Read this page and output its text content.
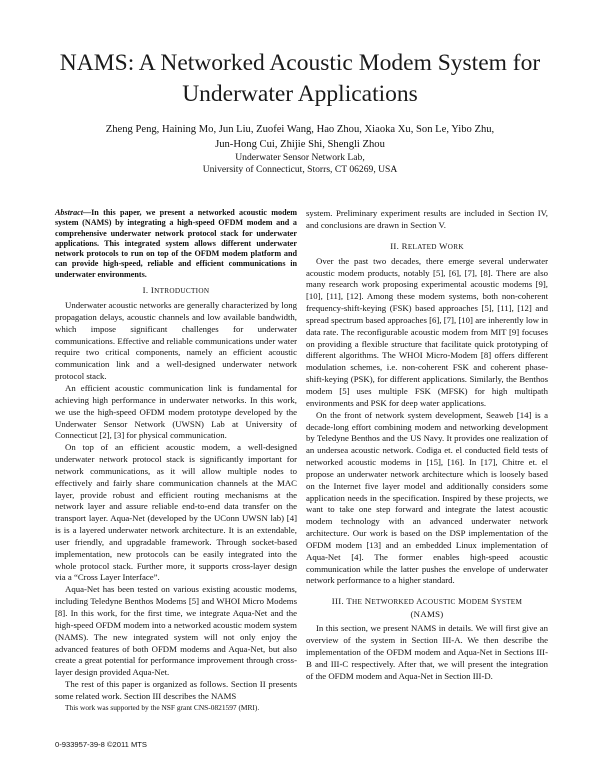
NAMS: A Networked Acoustic Modem System for Underwater Applications
Zheng Peng, Haining Mo, Jun Liu, Zuofei Wang, Hao Zhou, Xiaoka Xu, Son Le, Yibo Zhu,
Jun-Hong Cui, Zhijie Shi, Shengli Zhou
Underwater Sensor Network Lab,
University of Connecticut, Storrs, CT 06269, USA

Abstract—In this paper, we present a networked acoustic modem system (NAMS) by integrating a high-speed OFDM modem and a comprehensive underwater network protocol stack for underwater applications. This integrated system allows different underwater network protocols to run on top of the OFDM modem platform and can provide high-speed, reliable and efficient communications in underwater environments.

I. INTRODUCTION

Underwater acoustic networks are generally characterized by long propagation delays, acoustic channels and low available bandwidth, which impose significant challenges for underwater communications. Effective and reliable communications under water require two critical components, namely an efficient acoustic communication link and a well-designed underwater network protocol stack.

An efficient acoustic communication link is fundamental for achieving high performance in underwater networks. In this work, we use the high-speed OFDM modem prototype developed by the Underwater Sensor Network (UWSN) Lab at University of Connecticut [2], [3] for physical communication.

On top of an efficient acoustic modem, a well-designed underwater network protocol stack is significantly important for network communications, as it will allow multiple nodes to effectively and fairly share communication channels at the MAC layer, provide robust and efficient routing mechanisms at the network layer and assure reliable end-to-end data transfer on the transport layer. Aqua-Net (developed by the UConn UWSN lab) [4] is is a layered underwater network architecture. It is an extendable, user friendly, and upgradable framework. Through socket-based implementation, new protocols can be easily integrated into the whole protocol stack. Further more, it supports cross-layer design via a “Cross Layer Interface”.

Aqua-Net has been tested on various existing acoustic modems, including Teledyne Benthos Modems [5] and WHOI Micro Modems [8]. In this work, for the first time, we integrate Aqua-Net and the high-speed OFDM modem into a networked acoustic modem system (NAMS). The new integrated system will not only enjoy the advanced features of both OFDM modems and Aqua-Net, but also create a great potential for performance improvement through cross-layer design provided Aqua-Net.

The rest of this paper is organized as follows. Section II presents some related work. Section III describes the NAMS

This work was supported by the NSF grant CNS-0821597 (MRI).

system. Preliminary experiment results are included in Section IV, and conclusions are drawn in Section V.

II. RELATED WORK

Over the past two decades, there emerge several underwater acoustic modem products, notably [5], [6], [7], [8]. There are also many research work proposing experimental acoustic modems [9], [10], [11], [12]. Among these modem systems, both non-coherent frequency-shift-keying (FSK) based approaches [5], [11], [12] and spread spectrum based approaches [6], [7], [10] are inherently low in data rate. The reconfigurable acoustic modem from MIT [9] focuses on providing a flexible structure that facilitate quick prototyping of different algorithms. The WHOI Micro-Modem [8] offers different modulation schemes, i.e. non-coherent FSK and coherent phase-shift-keying (PSK), for different applications. Similarly, the Benthos modem [5] uses multiple FSK (MFSK) for high multipath environments and PSK for deep water applications.

On the front of network system development, Seaweb [14] is a decade-long effort combining modem and networking development by Teledyne Benthos and the US Navy. It provides one realization of an undersea acoustic network. Codiga et. el conducted field tests of networked acoustic modems in [15], [16]. In [17], Chitre et. el propose an underwater network architecture which is loosely based on the Internet five layer model and additionally considers some application needs in the specification. Inspired by these projects, we want to take one step forward and integrate the latest acoustic modem technology with an advanced underwater network architecture. Our work is based on the DSP implementation of the OFDM modem [13] and an embedded Linux implementation of Aqua-Net [4]. The former enables high-speed acoustic communication while the latter pushes the envelope of underwater network performance to a higher standard.

III. THE NETWORKED ACOUSTIC MODEM SYSTEM
(NAMS)

In this section, we present NAMS in details. We will first give an overview of the system in Section III-A. We then describe the implementation of the OFDM modem and Aqua-Net in Sections III-B and III-C respectively. After that, we will present the integration of the OFDM modem and Aqua-Net in Section III-D.

0-933957-39-8 ©2011 MTS
